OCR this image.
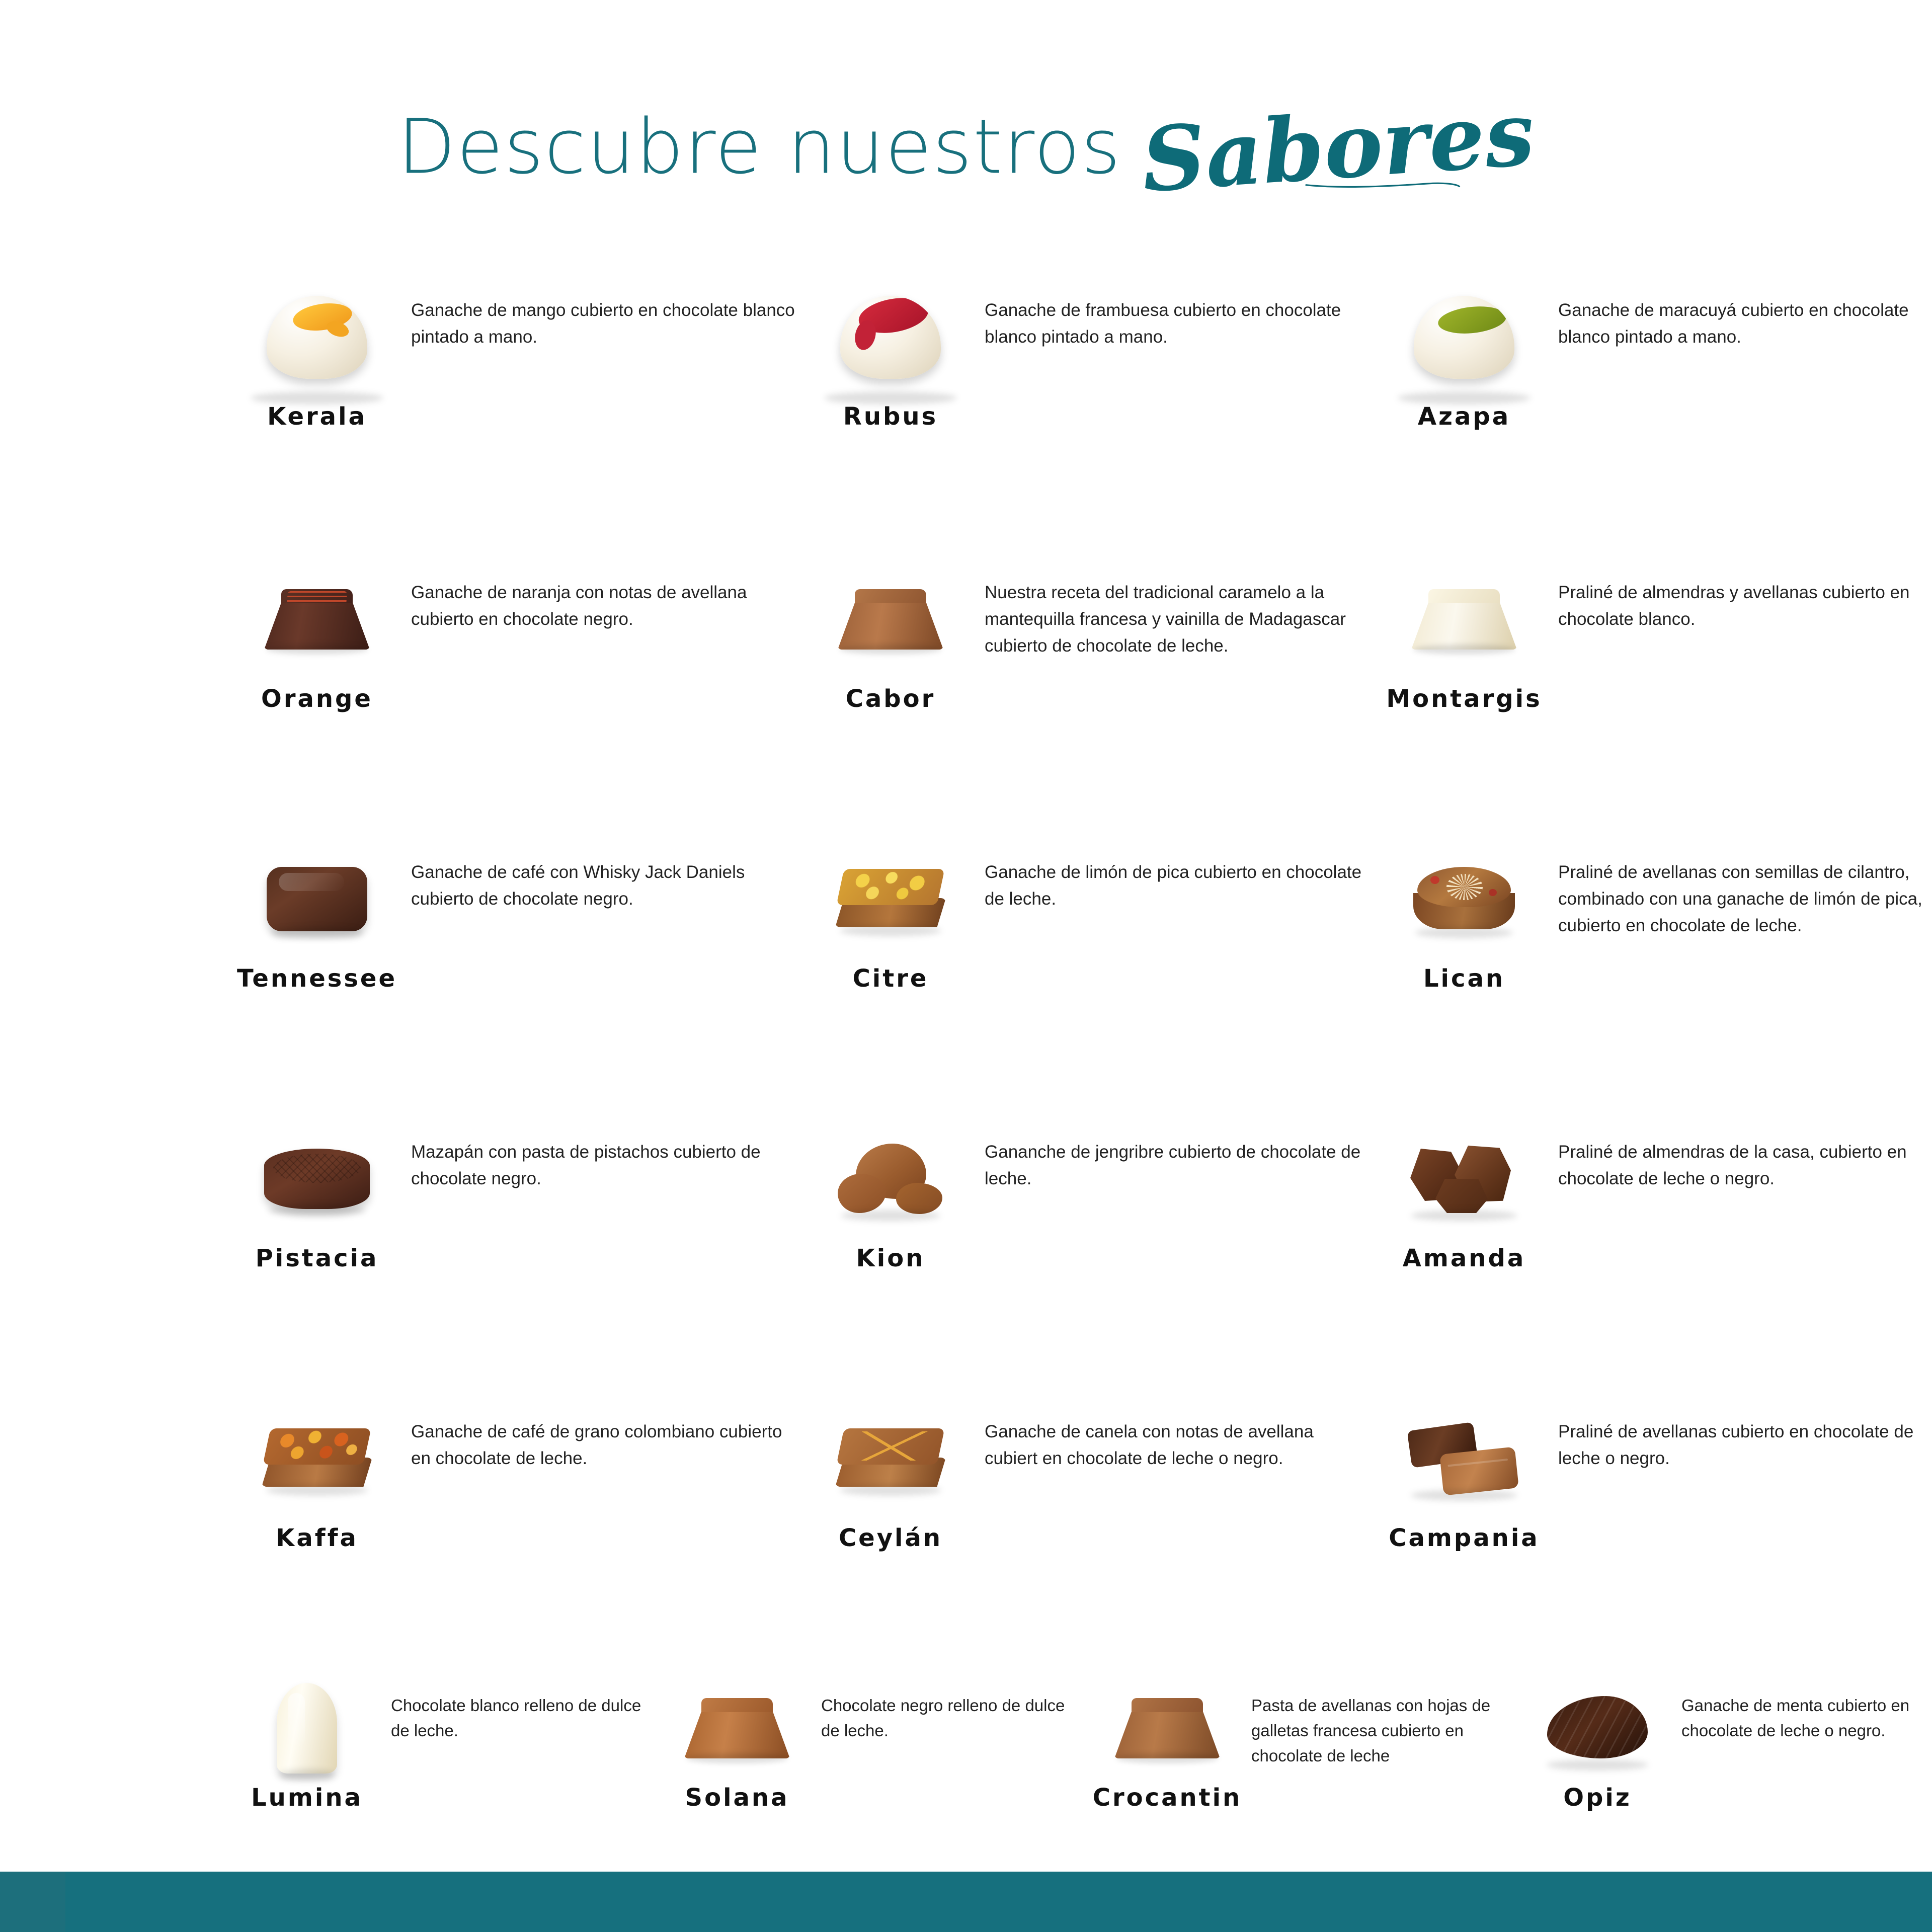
Descubre nuestros Sabores
Kerala
Ganache de mango cubierto en chocolate blanco pintado a mano.
Rubus
Ganache de frambuesa cubierto en chocolate blanco pintado a mano.
Azapa
Ganache de maracuyá cubierto en chocolate blanco pintado a mano.
Orange
Ganache de naranja con notas de avellana cubierto en chocolate negro.
Cabor
Nuestra receta del tradicional caramelo a la mantequilla francesa y vainilla de Madagascar cubierto de chocolate de leche.
Montargis
Praliné de almendras y avellanas cubierto en chocolate blanco.
Tennessee
Ganache de café con Whisky Jack Daniels cubierto de chocolate negro.
Citre
Ganache de limón de pica cubierto en chocolate de leche.
Lican
Praliné de avellanas con semillas de cilantro, combinado con una ganache de limón de pica, cubierto en chocolate de leche.
Pistacia
Mazapán con pasta de pistachos cubierto de chocolate negro.
Kion
Gananche de jengribre cubierto de chocolate de leche.
Amanda
Praliné de almendras de la casa, cubierto en chocolate de leche o negro.
Kaffa
Ganache de café de grano colombiano cubierto en chocolate de leche.
Ceylán
Ganache de canela con notas de avellana cubiert en chocolate de leche o negro.
Campania
Praliné de avellanas cubierto en chocolate de leche o negro.
Lumina
Chocolate blanco relleno de dulce de leche.
Solana
Chocolate negro relleno de dulce de leche.
Crocantin
Pasta de avellanas con hojas de galletas francesa cubierto en chocolate de leche
Opiz
Ganache de menta cubierto en chocolate de leche o negro.
